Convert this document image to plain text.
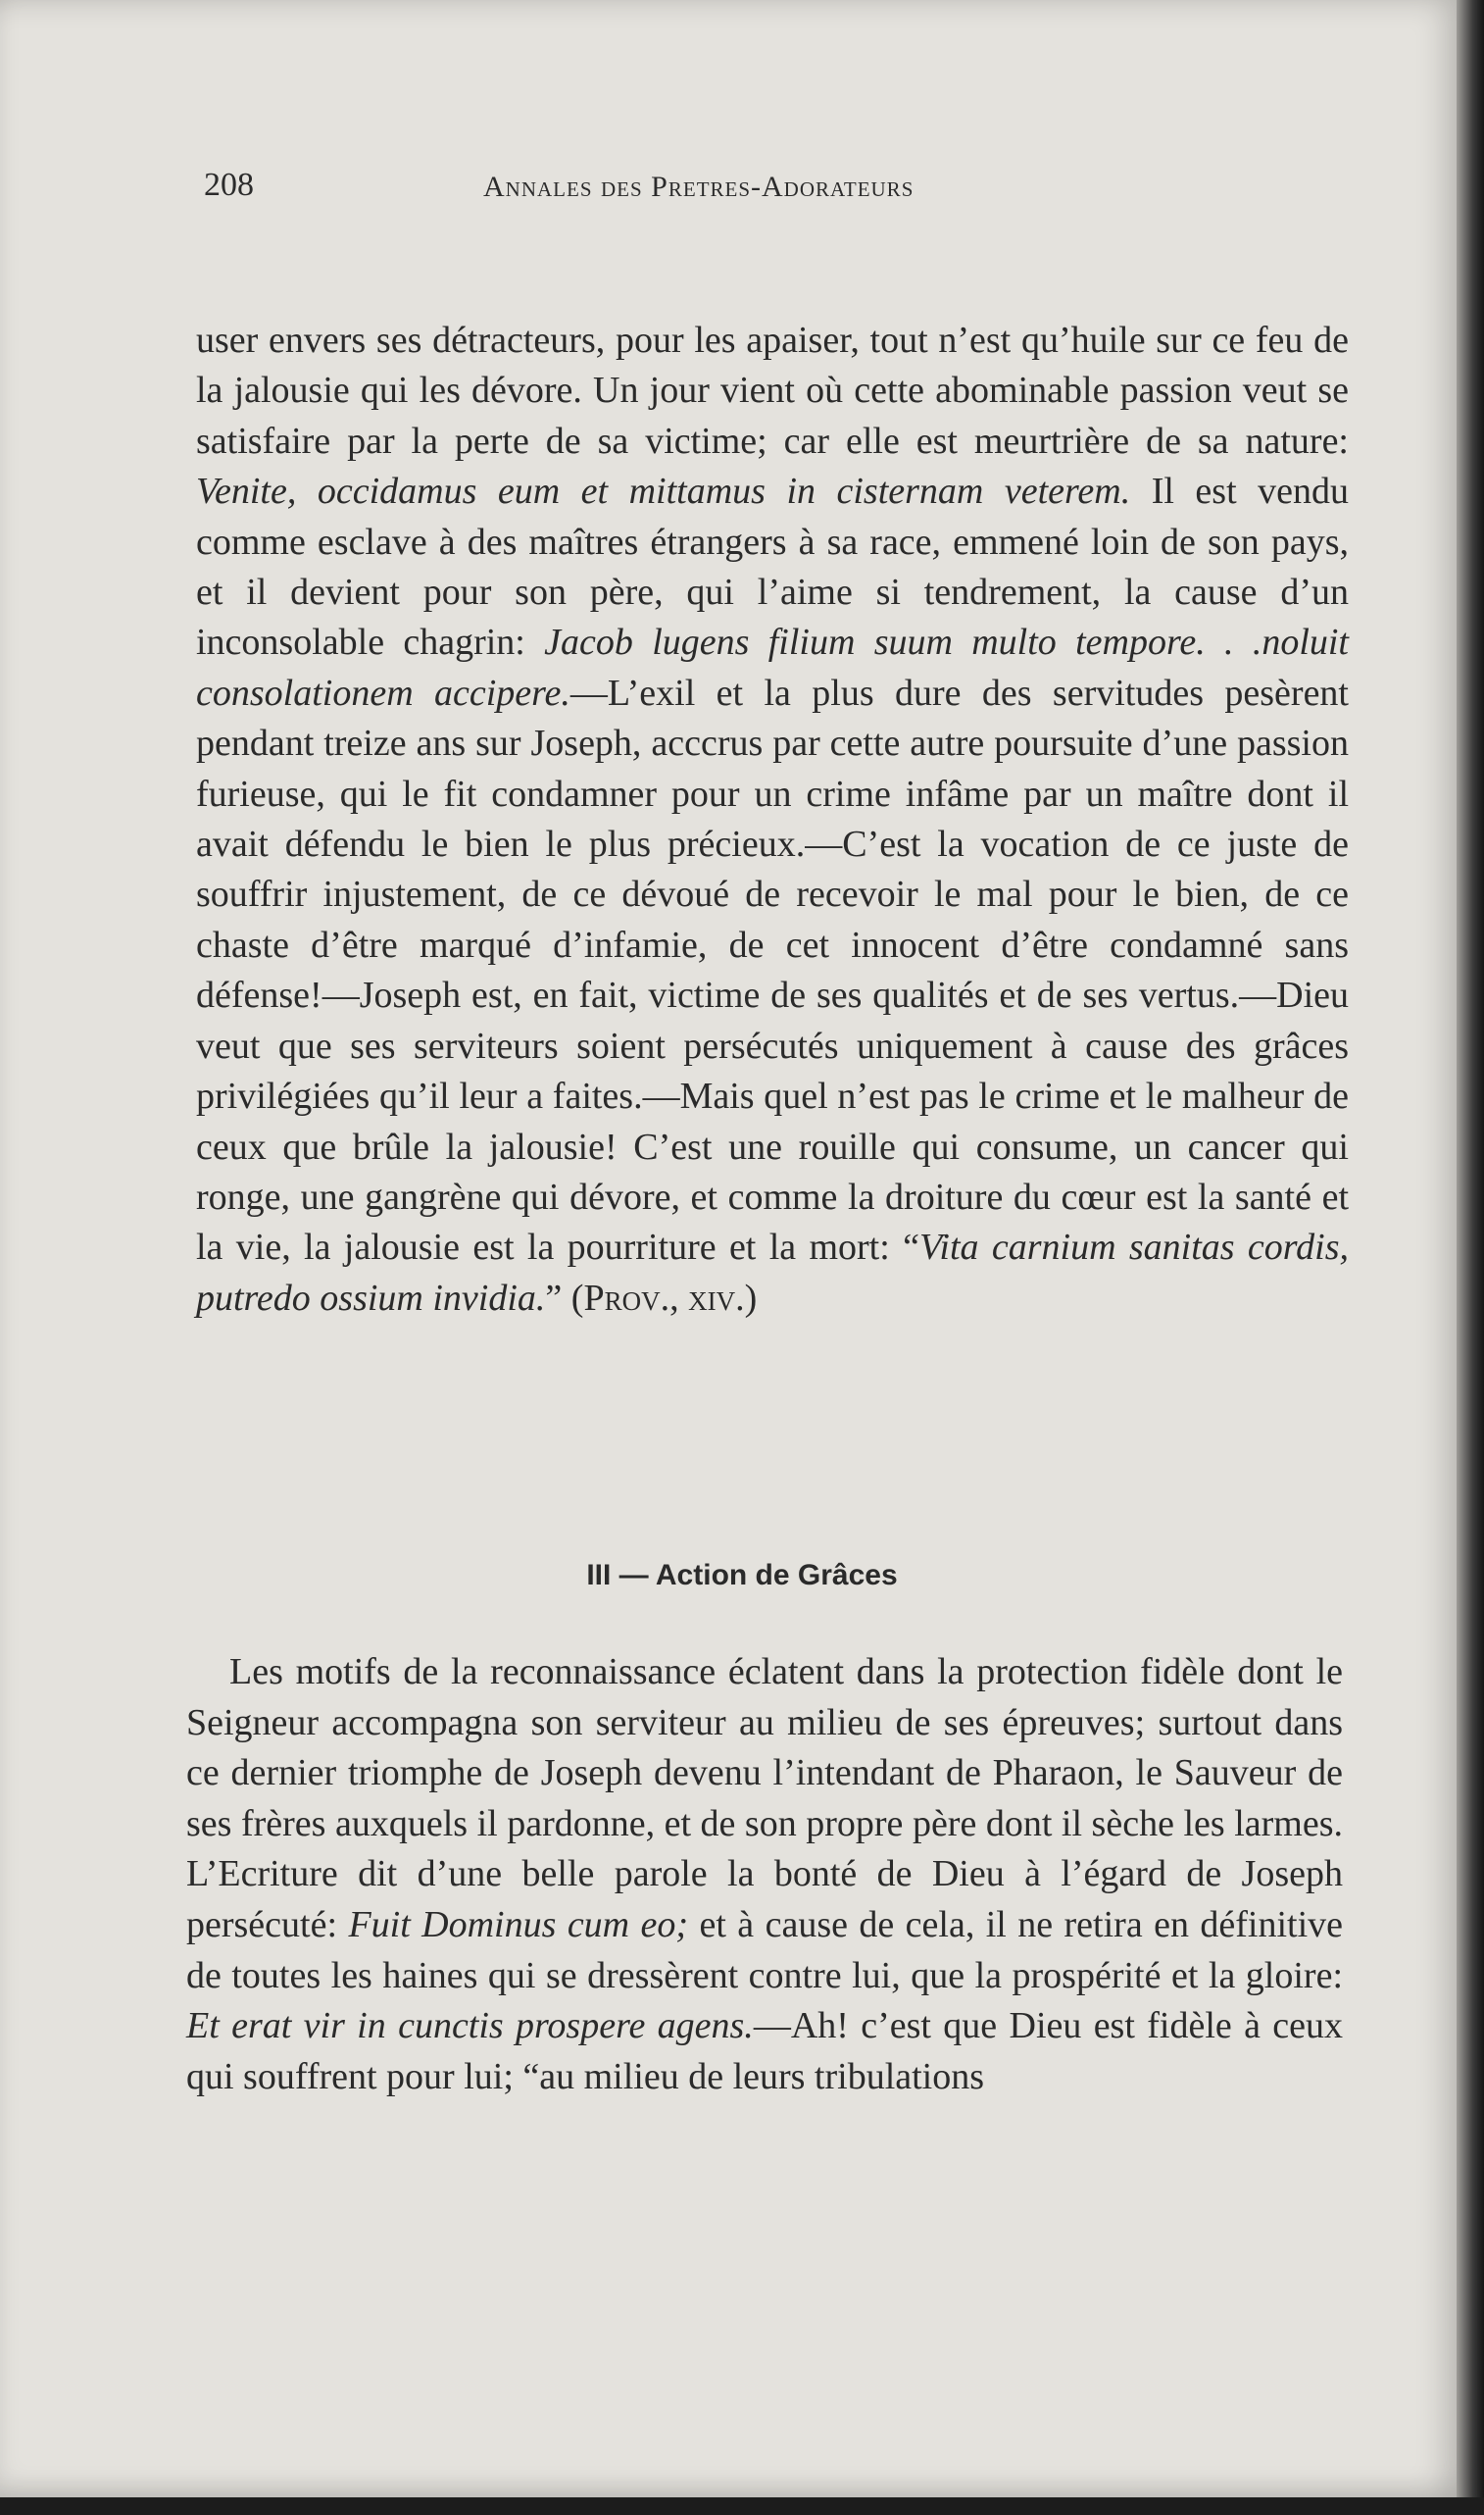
208	Annales des Pretres-Adorateurs

user envers ses détracteurs, pour les apaiser, tout n’est qu’huile sur ce feu de la jalousie qui les dévore. Un jour vient où cette abominable passion veut se satisfaire par la perte de sa victime; car elle est meurtrière de sa nature: Venite, occidamus eum et mittamus in cisternam veterem. Il est vendu comme esclave à des maîtres étrangers à sa race, emmené loin de son pays, et il devient pour son père, qui l’aime si tendrement, la cause d’un inconsolable chagrin: Jacob lugens filium suum multo tempore. . .noluit consolationem accipere.—L’exil et la plus dure des servitudes pesèrent pendant treize ans sur Joseph, acccrus par cette autre poursuite d’une passion furieuse, qui le fit condamner pour un crime infâme par un maître dont il avait défendu le bien le plus précieux.—C’est la vocation de ce juste de souffrir injustement, de ce dévoué de recevoir le mal pour le bien, de ce chaste d’être marqué d’infamie, de cet innocent d’être condamné sans défense!—Joseph est, en fait, victime de ses qualités et de ses vertus.—Dieu veut que ses serviteurs soient persécutés uniquement à cause des grâces privilégiées qu’il leur a faites.—Mais quel n’est pas le crime et le malheur de ceux que brûle la jalousie! C’est une rouille qui consume, un cancer qui ronge, une gangrène qui dévore, et comme la droiture du cœur est la santé et la vie, la jalousie est la pourriture et la mort: “Vita carnium sanitas cordis, putredo ossium invidia.” (Prov., xiv.)

III — Action de Grâces

Les motifs de la reconnaissance éclatent dans la protection fidèle dont le Seigneur accompagna son serviteur au milieu de ses épreuves; surtout dans ce dernier triomphe de Joseph devenu l’intendant de Pharaon, le Sauveur de ses frères auxquels il pardonne, et de son propre père dont il sèche les larmes. L’Ecriture dit d’une belle parole la bonté de Dieu à l’égard de Joseph persécuté: Fuit Dominus cum eo; et à cause de cela, il ne retira en définitive de toutes les haines qui se dressèrent contre lui, que la prospérité et la gloire: Et erat vir in cunctis prospere agens.—Ah! c’est que Dieu est fidèle à ceux qui souffrent pour lui; “au milieu de leurs tribulations
